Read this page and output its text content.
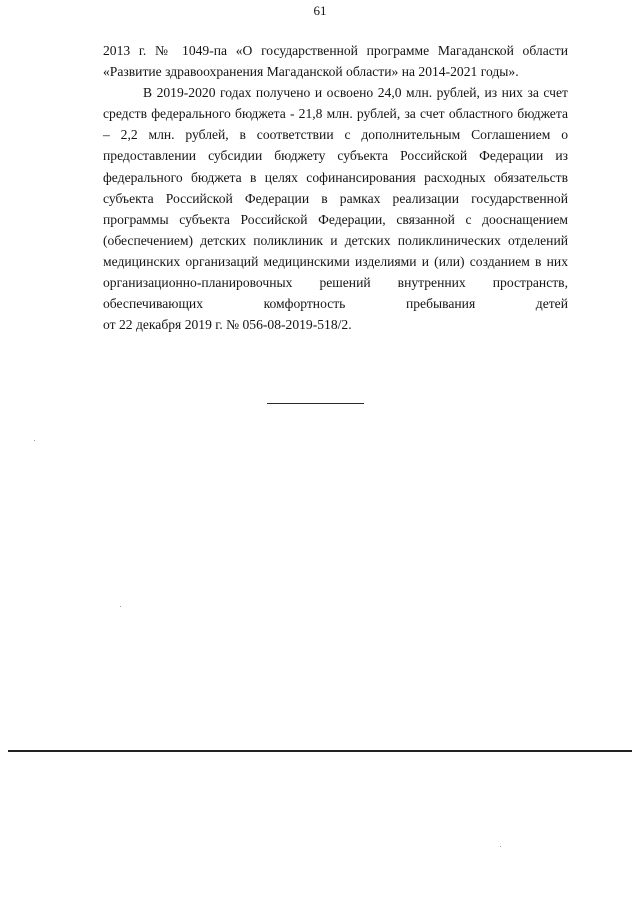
61

2013 г. № 1049-па «О государственной программе Магаданской области «Развитие здравоохранения Магаданской области» на 2014-2021 годы».

В 2019-2020 годах получено и освоено 24,0 млн. рублей, из них за счет средств федерального бюджета - 21,8 млн. рублей, за счет областного бюджета – 2,2 млн. рублей, в соответствии с дополнительным Соглашением о предоставлении субсидии бюджету субъекта Российской Федерации из федерального бюджета в целях софинансирования расходных обязательств субъекта Российской Федерации в рамках реализации государственной программы субъекта Российской Федерации, связанной с дооснащением (обеспечением) детских поликлиник и детских поликлинических отделений медицинских организаций медицинскими изделиями и (или) созданием в них организационно-планировочных решений внутренних пространств, обеспечивающих комфортность пребывания детей

от 22 декабря 2019 г. № 056-08-2019-518/2.
